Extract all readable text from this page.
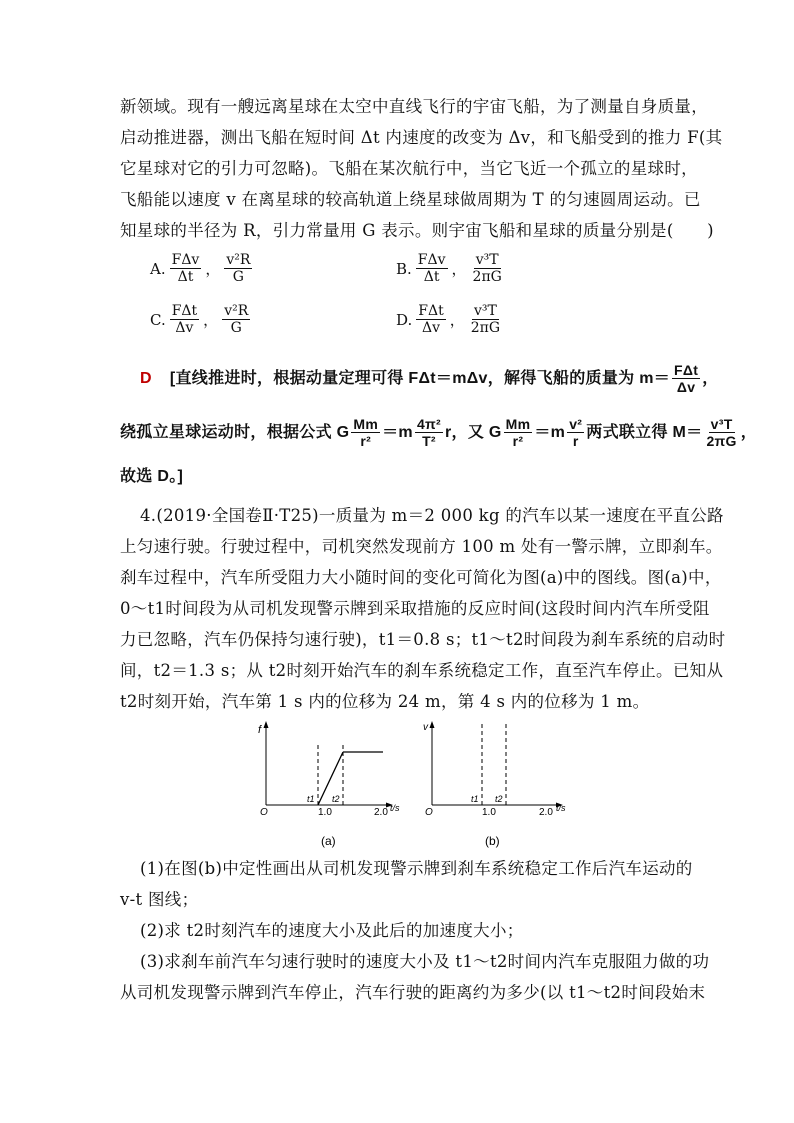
新领域。现有一艘远离星球在太空中直线飞行的宇宙飞船，为了测量自身质量，
启动推进器，测出飞船在短时间 Δt 内速度的改变为 Δv，和飞船受到的推力 F(其
它星球对它的引力可忽略)。飞船在某次航行中，当它飞近一个孤立的星球时，
飞船能以速度 v 在离星球的较高轨道上绕星球做周期为 T 的匀速圆周运动。已
知星球的半径为 R，引力常量用 G 表示。则宇宙飞船和星球的质量分别是(　　)
A. $\frac{\text{FΔv}}{\Delta t}$ ， $\frac{\text{v²R}}{G}$	B. $\frac{\text{FΔv}}{\Delta t}$ ， $\frac{\text{v³T}}{2\pi G}$
C. $\frac{\text{FΔt}}{\Delta v}$ ， $\frac{\text{v²R}}{G}$	D. $\frac{\text{FΔt}}{\Delta v}$ ， $\frac{\text{v³T}}{2\pi G}$
D [直线推进时，根据动量定理可得 FΔt＝mΔv，解得飞船的质量为 $m= \frac{\text{FΔt}}{\Delta v}$ ，
绕孤立星球运动时，根据公式 G $\frac{Mm}{\text{r²}} =m \frac{\text{4π²}}{\text{T²}}$ r，又 G $\frac{Mm}{\text{r²}} =m \frac{\text{v²}}{r}$ 两式联立得 $M= \frac{\text{v³T}}{2\pi G}$ ，
故选 D。]
4.(2019·全国卷Ⅱ·T25)一质量为 m＝2 000 kg 的汽车以某一速度在平直公路
上匀速行驶。行驶过程中，司机突然发现前方 100 m 处有一警示牌，立即刹车。
刹车过程中，汽车所受阻力大小随时间的变化可简化为图(a)中的图线。图(a)中，
0～t1时间段为从司机发现警示牌到采取措施的反应时间(这段时间内汽车所受阻
力已忽略，汽车仍保持匀速行驶)，t1＝0.8 s；t1～t2时间段为刹车系统的启动时
间，t2＝1.3 s；从 t2时刻开始汽车的刹车系统稳定工作，直至汽车停止。已知从
t2时刻开始，汽车第 1 s 内的位移为 24 m，第 4 s 内的位移为 1 m。
f
O
t1 t2
1.0	2.0 t/s
(a)
v
O
t1 t2
1.0	2.0 t/s
(b)
(1)在图(b)中定性画出从司机发现警示牌到刹车系统稳定工作后汽车运动的
v-t 图线；
(2)求 t2时刻汽车的速度大小及此后的加速度大小；
(3)求刹车前汽车匀速行驶时的速度大小及 t1～t2时间内汽车克服阻力做的功
从司机发现警示牌到汽车停止，汽车行驶的距离约为多少(以 t1～t2时间段始末
